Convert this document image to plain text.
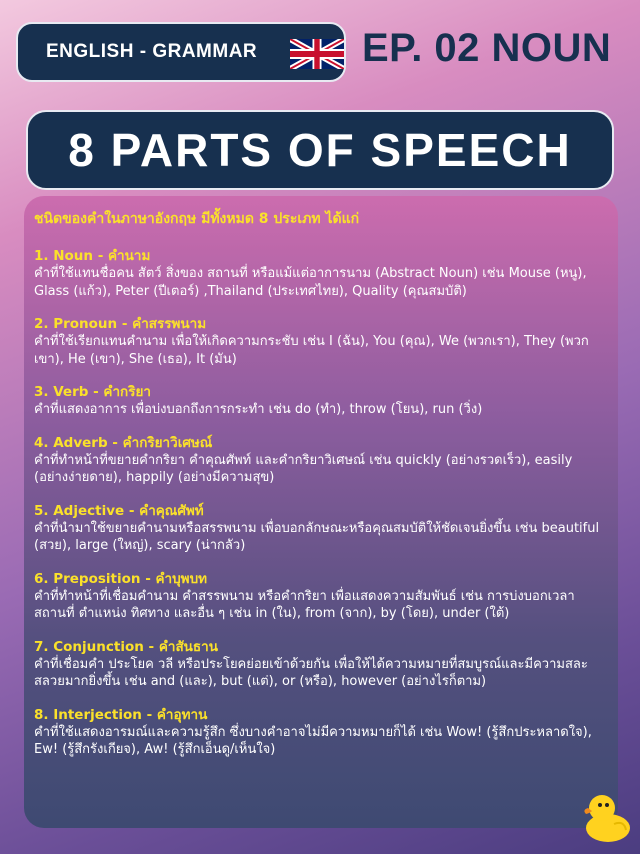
ENGLISH - GRAMMAR	EP. 02 NOUN
8 PARTS OF SPEECH
ชนิดของคำในภาษาอังกฤษ มีทั้งหมด 8 ประเภท ได้แก่
1. Noun - คำนาม

คำที่ใช้แทนชื่อคน สัตว์ สิ่งของ สถานที่ หรือแม้แต่อาการนาม (Abstract Noun) เช่น Mouse (หนู), Glass (แก้ว), Peter (ปีเตอร์) ,Thailand (ประเทศไทย), Quality (คุณสมบัติ)

2. Pronoun - คำสรรพนาม

คำที่ใช้เรียกแทนคำนาม เพื่อให้เกิดความกระชับ เช่น I (ฉัน), You (คุณ), We (พวกเรา), They (พวกเขา), He (เขา), She (เธอ), It (มัน)

3. Verb - คำกริยา

คำที่แสดงอาการ เพื่อบ่งบอกถึงการกระทำ เช่น do (ทำ), throw (โยน), run (วิ่ง)

4. Adverb - คำกริยาวิเศษณ์

คำที่ทำหน้าที่ขยายคำกริยา คำคุณศัพท์ และคำกริยาวิเศษณ์ เช่น quickly (อย่างรวดเร็ว), easily (อย่างง่ายดาย), happily (อย่างมีความสุข)

5. Adjective - คำคุณศัพท์

คำที่นำมาใช้ขยายคำนามหรือสรรพนาม เพื่อบอกลักษณะหรือคุณสมบัติให้ชัดเจนยิ่งขึ้น เช่น beautiful (สวย), large (ใหญ่), scary (น่ากลัว)

6. Preposition - คำบุพบท

คำที่ทำหน้าที่เชื่อมคำนาม คำสรรพนาม หรือคำกริยา เพื่อแสดงความสัมพันธ์ เช่น การบ่งบอกเวลา สถานที่ ตำแหน่ง ทิศทาง และอื่น ๆ เช่น in (ใน), from (จาก), by (โดย), under (ใต้)

7. Conjunction - คำสันธาน

คำที่เชื่อมคำ ประโยค วลี หรือประโยคย่อยเข้าด้วยกัน เพื่อให้ได้ความหมายที่สมบูรณ์และมีความสละสลวยมากยิ่งขึ้น เช่น and (และ), but (แต่), or (หรือ), however (อย่างไรก็ตาม)

8. Interjection - คำอุทาน

คำที่ใช้แสดงอารมณ์และความรู้สึก ซึ่งบางคำอาจไม่มีความหมายก็ได้ เช่น Wow! (รู้สึกประหลาดใจ), Ew! (รู้สึกรังเกียจ), Aw! (รู้สึกเอ็นดู/เห็นใจ)
